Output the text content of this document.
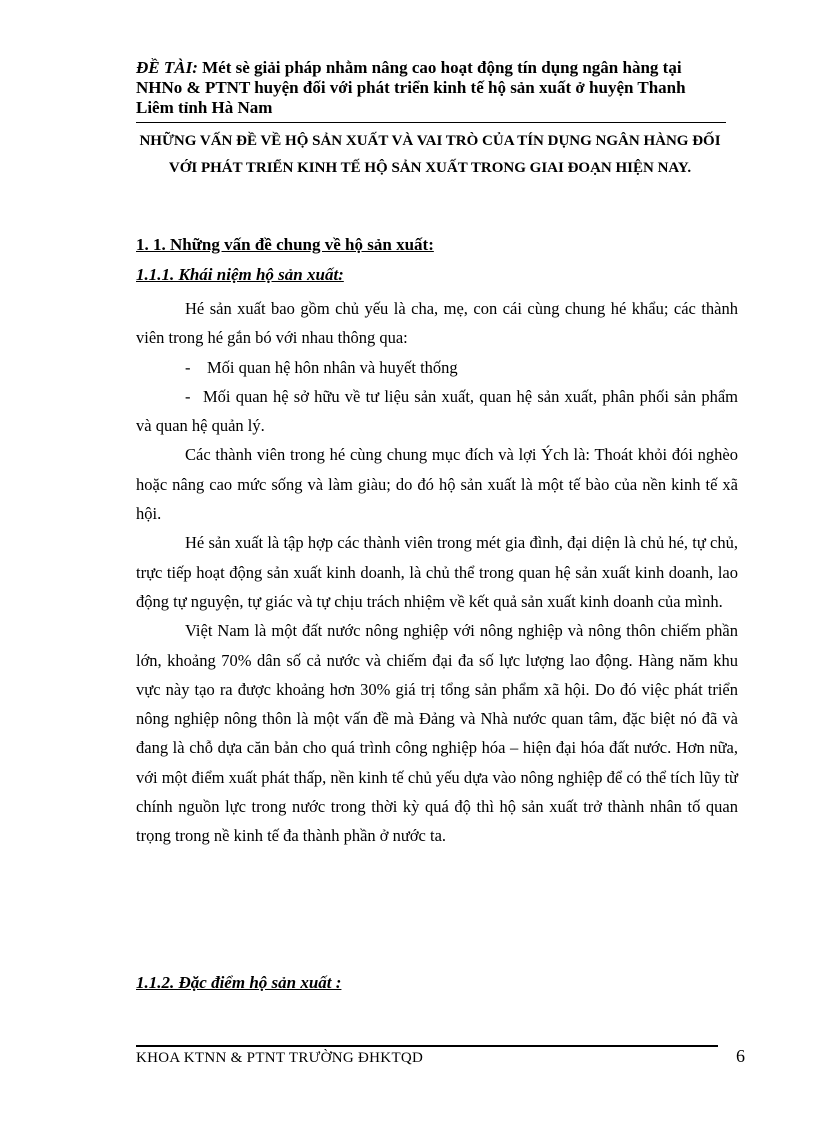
ĐỀ TÀI: Mét sè giải pháp nhằm nâng cao hoạt động tín dụng ngân hàng tại NHNo & PTNT huyện đối với phát triển kinh tế hộ sản xuất ở huyện Thanh Liêm tỉnh Hà Nam
NHỮNG VẤN ĐỀ VỀ HỘ SẢN XUẤT VÀ VAI TRÒ CỦA TÍN DỤNG NGÂN HÀNG ĐỐI VỚI PHÁT TRIỂN KINH TẾ HỘ SẢN XUẤT TRONG GIAI ĐOẠN HIỆN NAY.
1. 1. Những vấn đề chung về hộ sản xuất:
1.1.1. Khái niệm hộ sản xuất:

Hé sản xuất bao gồm chủ yếu là cha, mẹ, con cái cùng chung hé khẩu; các thành viên trong hé gắn bó với nhau thông qua:

- Mối quan hệ hôn nhân và huyết thống

- Mối quan hệ sở hữu về tư liệu sản xuất, quan hệ sản xuất, phân phối sản phẩm và quan hệ quản lý.

Các thành viên trong hé cùng chung mục đích và lợi Ých là: Thoát khỏi đói nghèo hoặc nâng cao mức sống và làm giàu; do đó hộ sản xuất là một tế bào của nền kinh tế xã hội.

Hé sản xuất là tập hợp các thành viên trong mét gia đình, đại diện là chủ hé, tự chủ, trực tiếp hoạt động sản xuất kinh doanh, là chủ thể trong quan hệ sản xuất kinh doanh, lao động tự nguyện, tự giác và tự chịu trách nhiệm về kết quả sản xuất kinh doanh của mình.

Việt Nam là một đất nước nông nghiệp với nông nghiệp và nông thôn chiếm phần lớn, khoảng 70% dân số cả nước và chiếm đại đa số lực lượng lao động. Hàng năm khu vực này tạo ra được khoảng hơn 30% giá trị tổng sản phẩm xã hội. Do đó việc phát triển nông nghiệp nông thôn là một vấn đề mà Đảng và Nhà nước quan tâm, đặc biệt nó đã và đang là chỗ dựa căn bản cho quá trình công nghiệp hóa – hiện đại hóa đất nước. Hơn nữa, với một điểm xuất phát thấp, nền kinh tế chủ yếu dựa vào nông nghiệp để có thể tích lũy từ chính nguồn lực trong nước trong thời kỳ quá độ thì hộ sản xuất trở thành nhân tố quan trọng trong nề kinh tế đa thành phần ở nước ta.

1.1.2. Đặc điểm hộ sản xuất :
KHOA KTNN & PTNT TRƯỜNG ĐHKTQD	6
